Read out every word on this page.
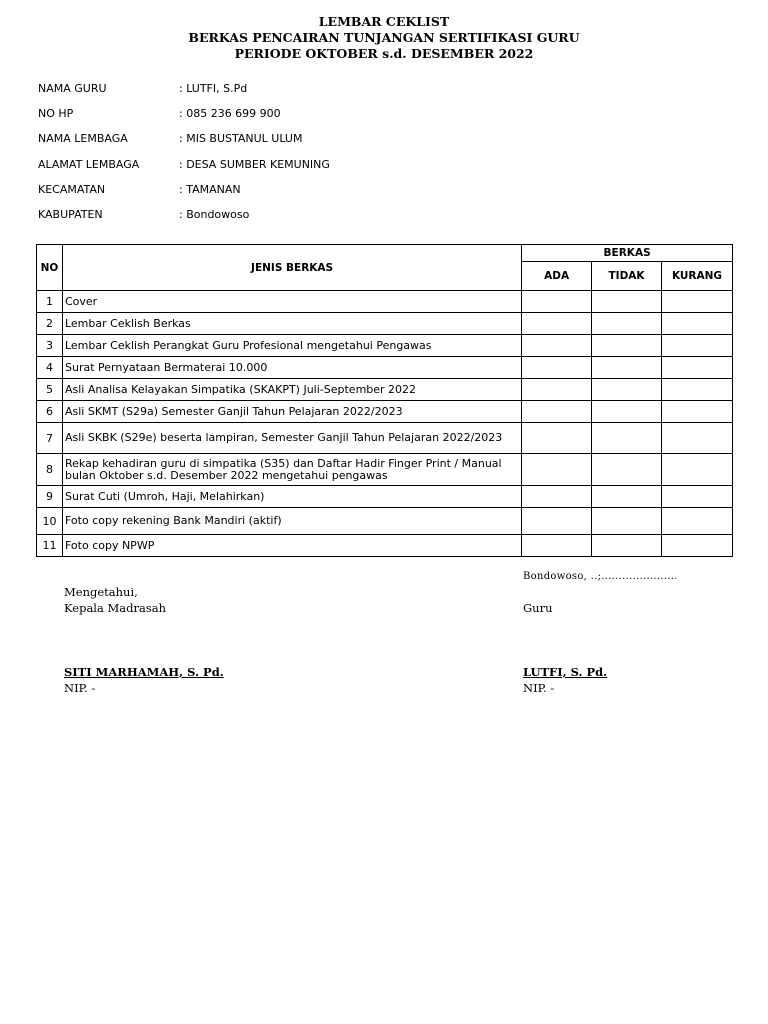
LEMBAR CEKLIST
BERKAS PENCAIRAN TUNJANGAN SERTIFIKASI GURU
PERIODE OKTOBER s.d. DESEMBER 2022
NAMA GURU	: LUTFI, S.Pd
NO HP	: 085 236 699 900
NAMA LEMBAGA	: MIS BUSTANUL ULUM
ALAMAT LEMBAGA	: DESA SUMBER KEMUNING
KECAMATAN	: TAMANAN
KABUPATEN	: Bondowoso
NO	JENIS BERKAS	BERKAS		
		ADA	TIDAK	KURANG
1	Cover			
2	Lembar Ceklish Berkas			
3	Lembar Ceklish Perangkat Guru Profesional mengetahui Pengawas			
4	Surat Pernyataan Bermaterai 10.000			
5	Asli Analisa Kelayakan Simpatika (SKAKPT) Juli-September 2022			
6	Asli SKMT (S29a) Semester Ganjil Tahun Pelajaran 2022/2023			
7	Asli SKBK (S29e) beserta lampiran, Semester Ganjil Tahun Pelajaran 2022/2023			
8	Rekap kehadiran guru di simpatika (S35) dan Daftar Hadir Finger Print / Manual bulan Oktober s.d. Desember 2022 mengetahui pengawas			
9	Surat Cuti (Umroh, Haji, Melahirkan)			
10	Foto copy rekening Bank Mandiri (aktif)			
11	Foto copy NPWP			
Bondowoso, ..;......................
Mengetahui,
Kepala Madrasah	Guru
SITI MARHAMAH, S. Pd.
NIP. -
LUTFI, S. Pd.
NIP. -
